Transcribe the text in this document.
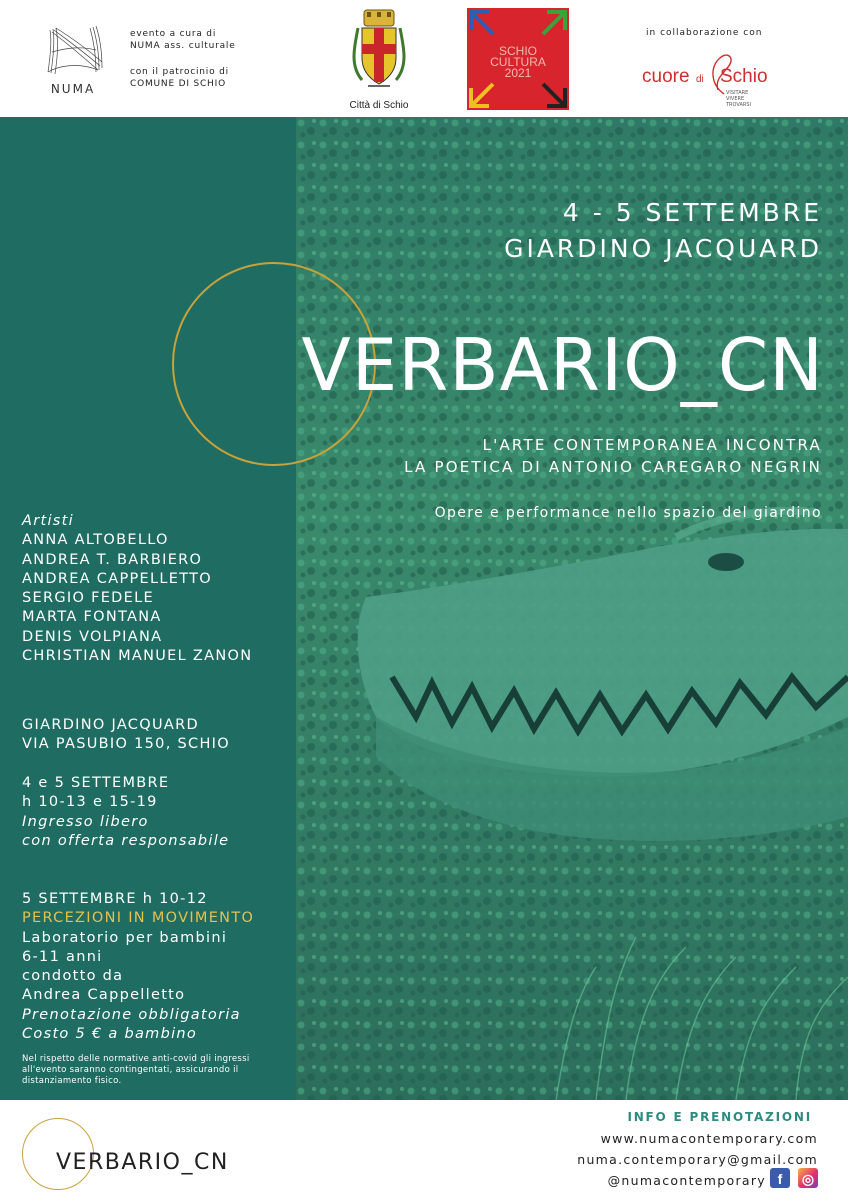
NUMA
evento a cura di
NUMA ass. culturale
con il patrocinio di
COMUNE DI SCHIO
Città di Schio
SCHIO
CULTURA
2021
in collaborazione con
cuore di Schio
VISITARE
VIVERE
TROVARSI
4 - 5 SETTEMBRE
GIARDINO JACQUARD
VERBARIO_CN
L'ARTE CONTEMPORANEA INCONTRA
LA POETICA DI ANTONIO CAREGARO NEGRIN
Opere e performance nello spazio del giardino
Artisti
ANNA ALTOBELLO
ANDREA T. BARBIERO
ANDREA CAPPELLETTO
SERGIO FEDELE
MARTA FONTANA
DENIS VOLPIANA
CHRISTIAN MANUEL ZANON
GIARDINO JACQUARD
VIA PASUBIO 150, SCHIO
4 e 5 SETTEMBRE
h 10-13 e 15-19
Ingresso libero
con offerta responsabile
5 SETTEMBRE h 10-12
PERCEZIONI IN MOVIMENTO
Laboratorio per bambini
6-11 anni
condotto da
Andrea Cappelletto
Prenotazione obbligatoria
Costo 5 € a bambino
Nel rispetto delle normative anti-covid gli ingressi all'evento saranno contingentati, assicurando il distanziamento fisico.
VERBARIO_CN
INFO E PRENOTAZIONI
www.numacontemporary.com
numa.contemporary@gmail.com
@numacontemporary f	◎
